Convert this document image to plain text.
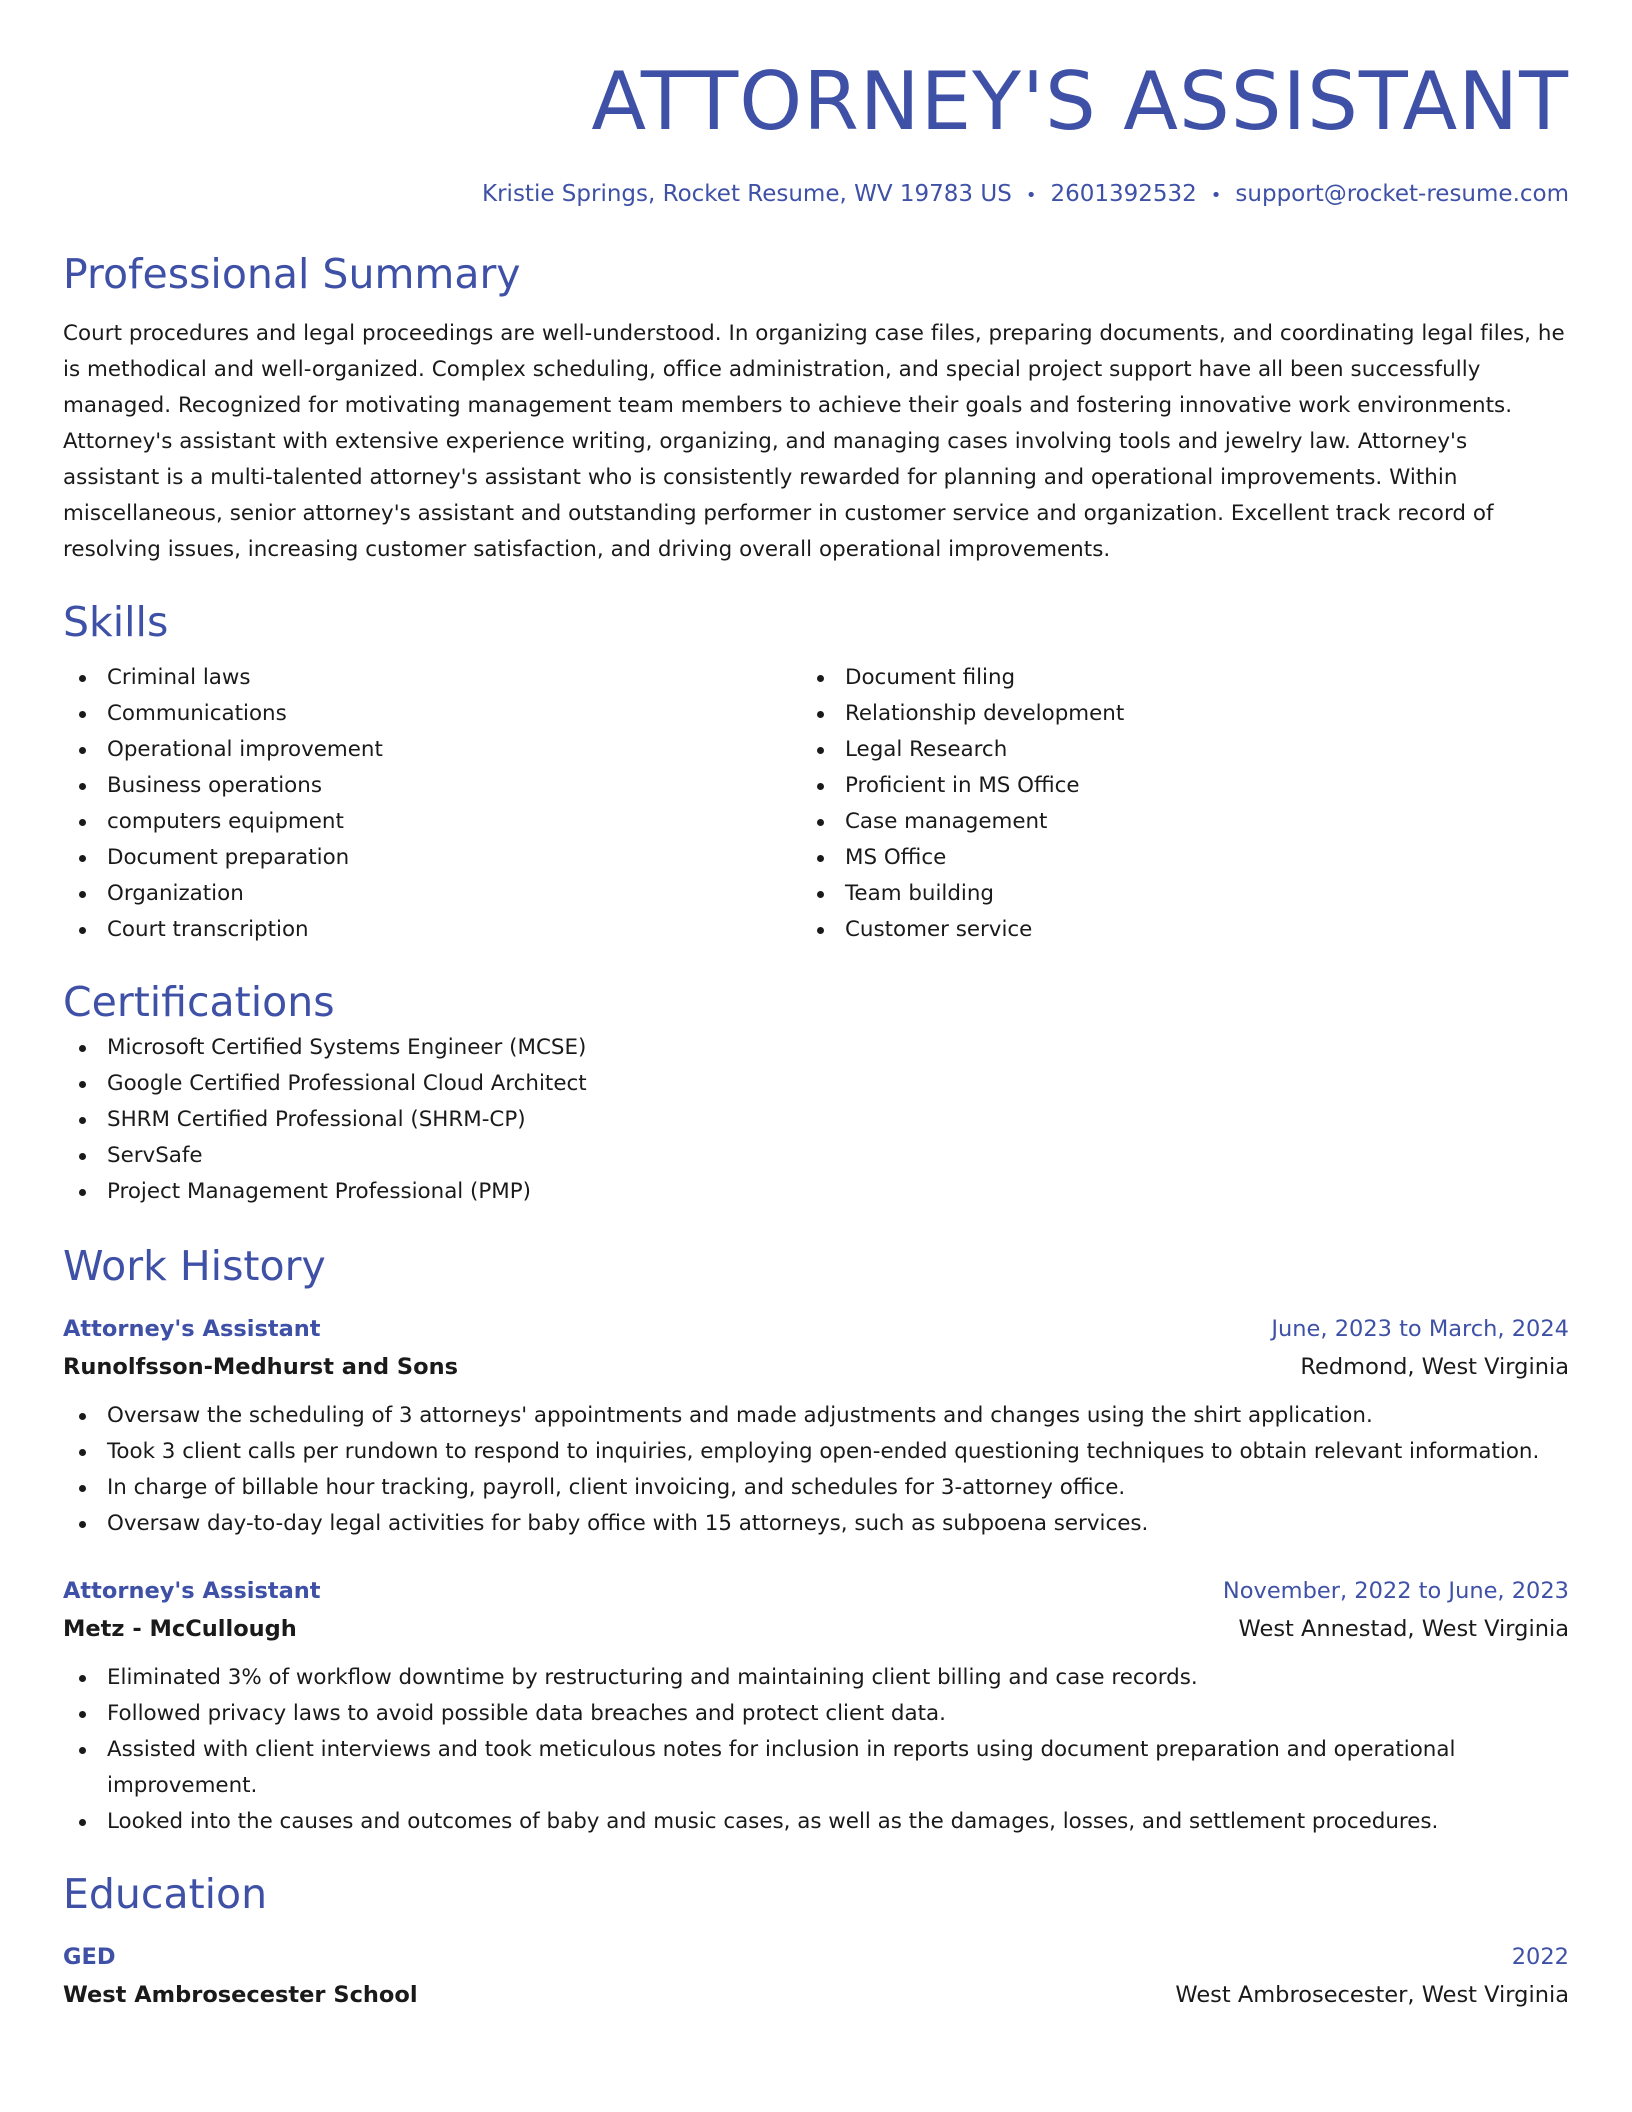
ATTORNEY'S ASSISTANT
Kristie Springs, Rocket Resume, WV 19783 US • 2601392532 • support@rocket-resume.com
Professional Summary
Court procedures and legal proceedings are well-understood. In organizing case files, preparing documents, and coordinating legal files, he is methodical and well-organized. Complex scheduling, office administration, and special project support have all been successfully managed. Recognized for motivating management team members to achieve their goals and fostering innovative work environments. Attorney's assistant with extensive experience writing, organizing, and managing cases involving tools and jewelry law. Attorney's assistant is a multi-talented attorney's assistant who is consistently rewarded for planning and operational improvements. Within miscellaneous, senior attorney's assistant and outstanding performer in customer service and organization. Excellent track record of resolving issues, increasing customer satisfaction, and driving overall operational improvements.
Skills
Criminal laws
Communications
Operational improvement
Business operations
computers equipment
Document preparation
Organization
Court transcription
Document filing
Relationship development
Legal Research
Proficient in MS Office
Case management
MS Office
Team building
Customer service
Certifications
Microsoft Certified Systems Engineer (MCSE)
Google Certified Professional Cloud Architect
SHRM Certified Professional (SHRM-CP)
ServSafe
Project Management Professional (PMP)
Work History
Attorney's Assistant	June, 2023 to March, 2024
Runolfsson-Medhurst and Sons	Redmond, West Virginia
Oversaw the scheduling of 3 attorneys' appointments and made adjustments and changes using the shirt application.
Took 3 client calls per rundown to respond to inquiries, employing open-ended questioning techniques to obtain relevant information.
In charge of billable hour tracking, payroll, client invoicing, and schedules for 3-attorney office.
Oversaw day-to-day legal activities for baby office with 15 attorneys, such as subpoena services.
Attorney's Assistant	November, 2022 to June, 2023
Metz - McCullough	West Annestad, West Virginia
Eliminated 3% of workflow downtime by restructuring and maintaining client billing and case records.
Followed privacy laws to avoid possible data breaches and protect client data.
Assisted with client interviews and took meticulous notes for inclusion in reports using document preparation and operational improvement.
Looked into the causes and outcomes of baby and music cases, as well as the damages, losses, and settlement procedures.
Education
GED	2022
West Ambrosecester School	West Ambrosecester, West Virginia
